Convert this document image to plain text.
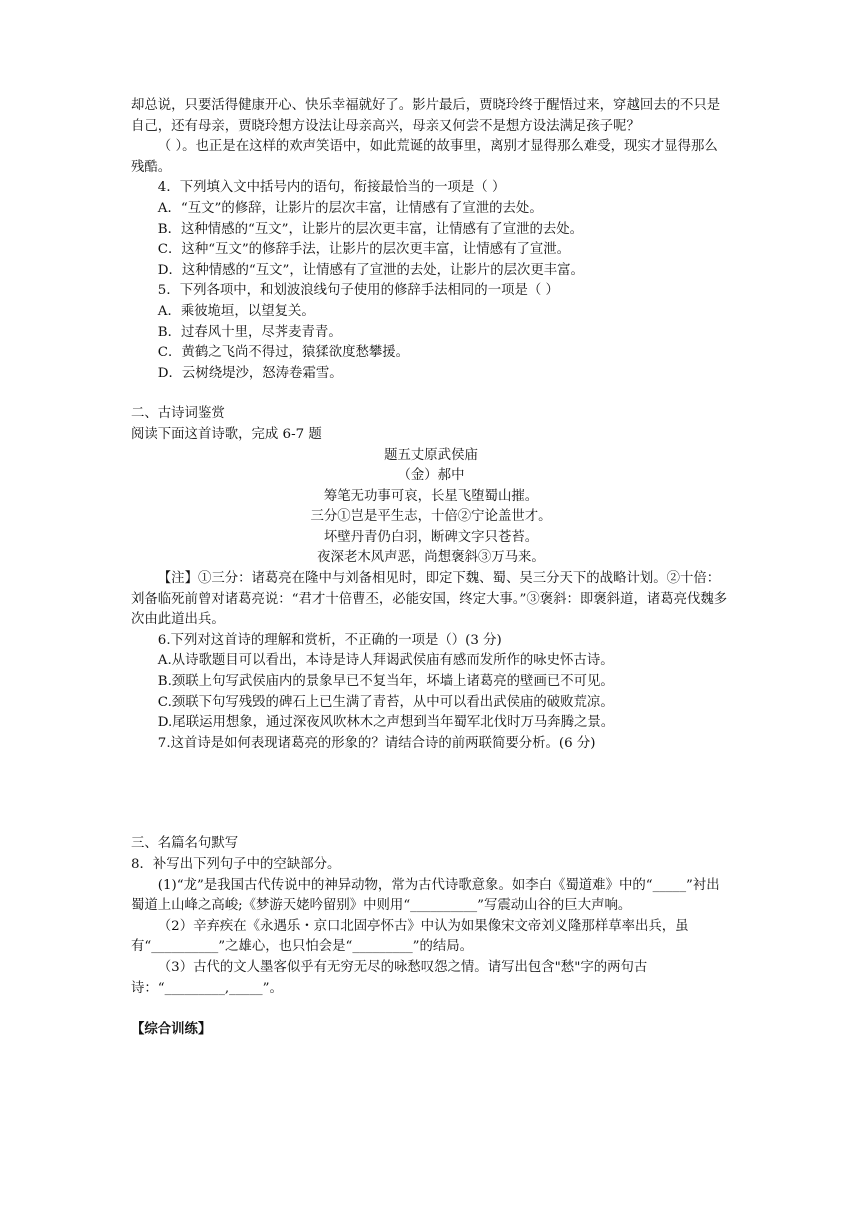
却总说，只要活得健康开心、快乐幸福就好了。影片最后，贾晓玲终于醒悟过来，穿越回去的不只是自己，还有母亲，贾晓玲想方设法让母亲高兴，母亲又何尝不是想方设法满足孩子呢？

（ ）。也正是在这样的欢声笑语中，如此荒诞的故事里，离别才显得那么难受，现实才显得那么残酷。

4．下列填入文中括号内的语句，衔接最恰当的一项是（ ）

A．“互文”的修辞，让影片的层次丰富，让情感有了宣泄的去处。

B．这种情感的“互文”，让影片的层次更丰富，让情感有了宣泄的去处。

C．这种“互文”的修辞手法，让影片的层次更丰富，让情感有了宣泄。

D．这种情感的“互文”，让情感有了宣泄的去处，让影片的层次更丰富。

5．下列各项中，和划波浪线句子使用的修辞手法相同的一项是（ ）

A．乘彼垝垣，以望复关。

B．过春风十里，尽荠麦青青。

C．黄鹤之飞尚不得过，猿猱欲度愁攀援。

D．云树绕堤沙，怒涛卷霜雪。

二、古诗词鉴赏

阅读下面这首诗歌，完成 6-7 题

题五丈原武侯庙

（金）郝中

筹笔无功事可哀，长星飞堕蜀山摧。

三分①岂是平生志，十倍②宁论盖世才。

坏壁丹青仍白羽，断碑文字只苍苔。

夜深老木风声恶，尚想褒斜③万马来。

【注】①三分：诸葛亮在隆中与刘备相见时，即定下魏、蜀、吴三分天下的战略计划。②十倍：刘备临死前曾对诸葛亮说：“君才十倍曹丕，必能安国，终定大事。”③褒斜：即褒斜道，诸葛亮伐魏多次由此道出兵。

6.下列对这首诗的理解和赏析，不正确的一项是（）(3 分)

A.从诗歌题目可以看出，本诗是诗人拜谒武侯庙有感而发所作的咏史怀古诗。

B.颈联上句写武侯庙内的景象早已不复当年，坏墙上诸葛亮的壁画已不可见。

C.颈联下句写残毁的碑石上已生满了青苔，从中可以看出武侯庙的破败荒凉。

D.尾联运用想象，通过深夜风吹林木之声想到当年蜀军北伐时万马奔腾之景。

7.这首诗是如何表现诸葛亮的形象的？请结合诗的前两联简要分析。(6 分)

三、名篇名句默写

8．补写出下列句子中的空缺部分。

(1)“龙”是我国古代传说中的神异动物，常为古代诗歌意象。如李白《蜀道难》中的“_____”衬出蜀道上山峰之高峻;《梦游天姥吟留别》中则用“__________”写震动山谷的巨大声响。

（2）辛弃疾在《永遇乐・京口北固亭怀古》中认为如果像宋文帝刘义隆那样草率出兵，虽有“__________”之雄心，也只怕会是“_________”的结局。

（3）古代的文人墨客似乎有无穷无尽的咏愁叹怨之情。请写出包含"愁"字的两句古诗：“_________,_____”。

【综合训练】
